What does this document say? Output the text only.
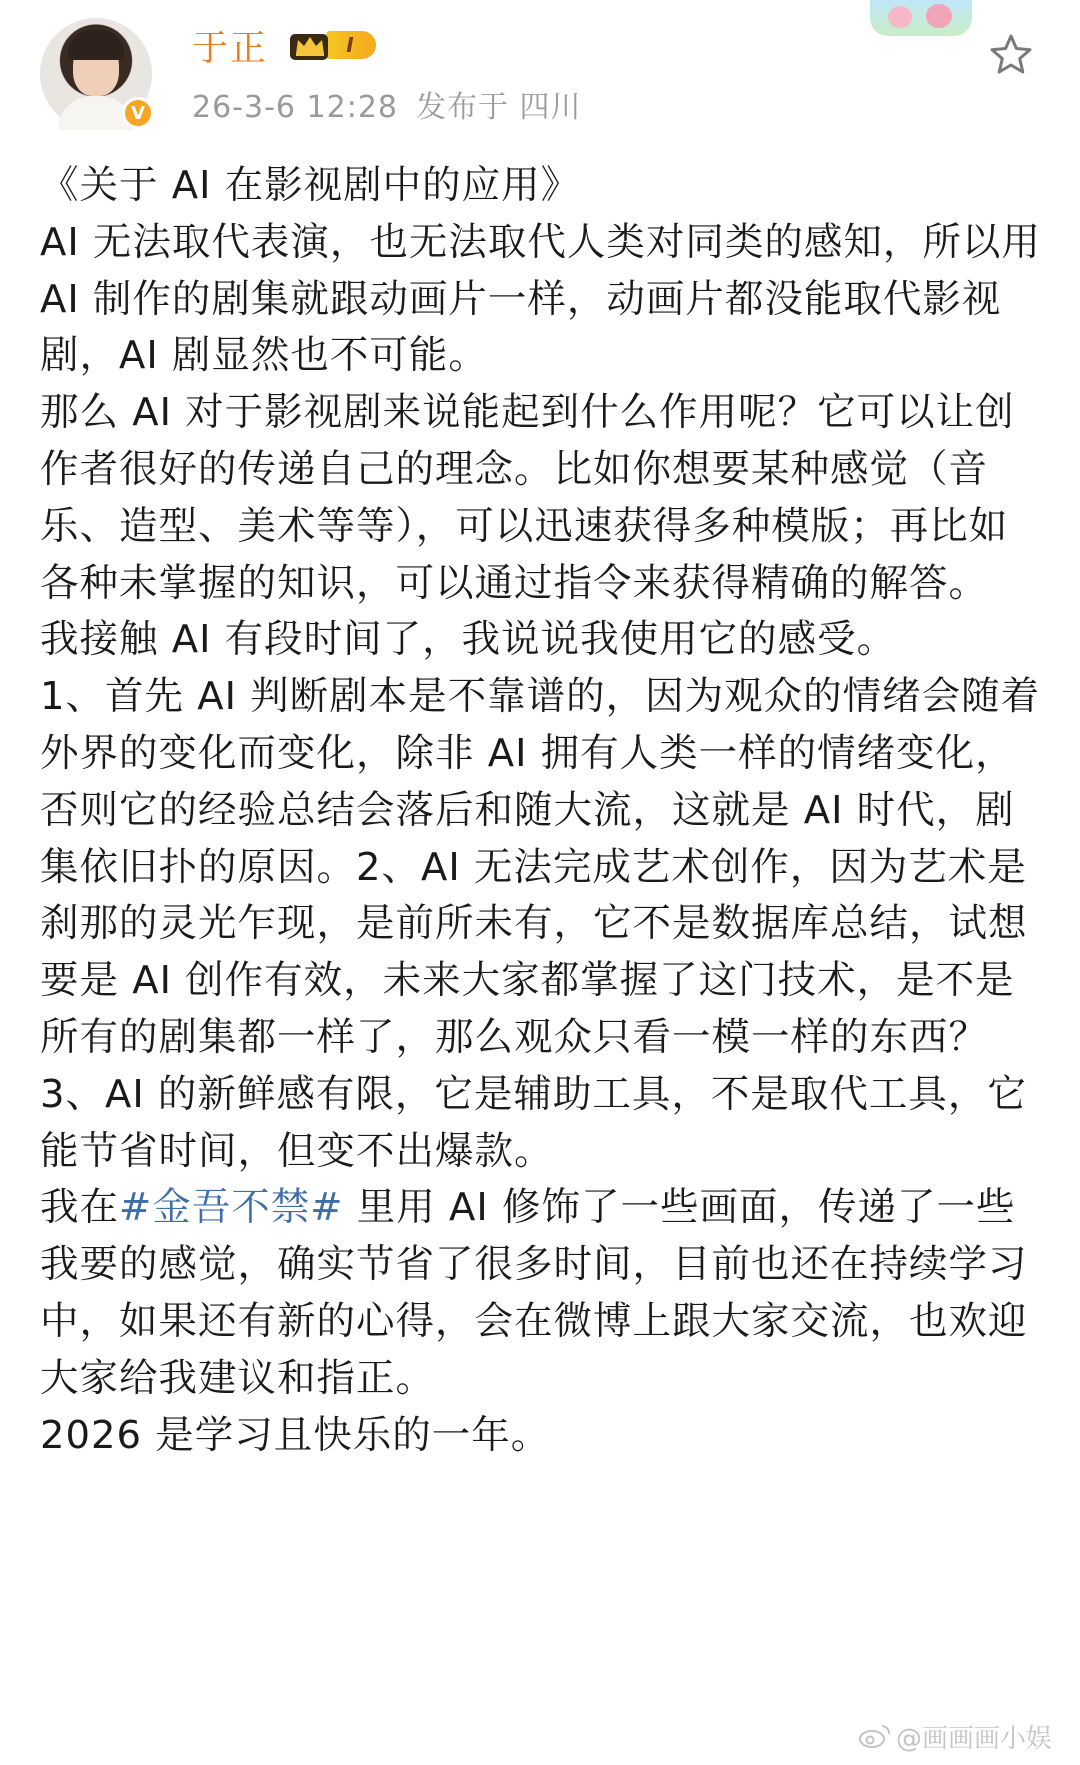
V
于正	I
26-3-6 12:28 发布于 四川

《关于 AI 在影视剧中的应用》

AI 无法取代表演，也无法取代人类对同类的感知，所以用 AI 制作的剧集就跟动画片一样，动画片都没能取代影视剧，AI 剧显然也不可能。

那么 AI 对于影视剧来说能起到什么作用呢？它可以让创作者很好的传递自己的理念。比如你想要某种感觉（音乐、造型、美术等等），可以迅速获得多种模版；再比如各种未掌握的知识，可以通过指令来获得精确的解答。

我接触 AI 有段时间了，我说说我使用它的感受。

1、首先 AI 判断剧本是不靠谱的，因为观众的情绪会随着外界的变化而变化，除非 AI 拥有人类一样的情绪变化，否则它的经验总结会落后和随大流，这就是 AI 时代，剧集依旧扑的原因。2、AI 无法完成艺术创作，因为艺术是刹那的灵光乍现，是前所未有，它不是数据库总结，试想要是 AI 创作有效，未来大家都掌握了这门技术，是不是所有的剧集都一样了，那么观众只看一模一样的东西？3、AI 的新鲜感有限，它是辅助工具，不是取代工具，它能节省时间，但变不出爆款。

我在#金吾不禁# 里用 AI 修饰了一些画面，传递了一些我要的感觉，确实节省了很多时间，目前也还在持续学习中，如果还有新的心得，会在微博上跟大家交流，也欢迎大家给我建议和指正。

2026 是学习且快乐的一年。

@画画画小娱
